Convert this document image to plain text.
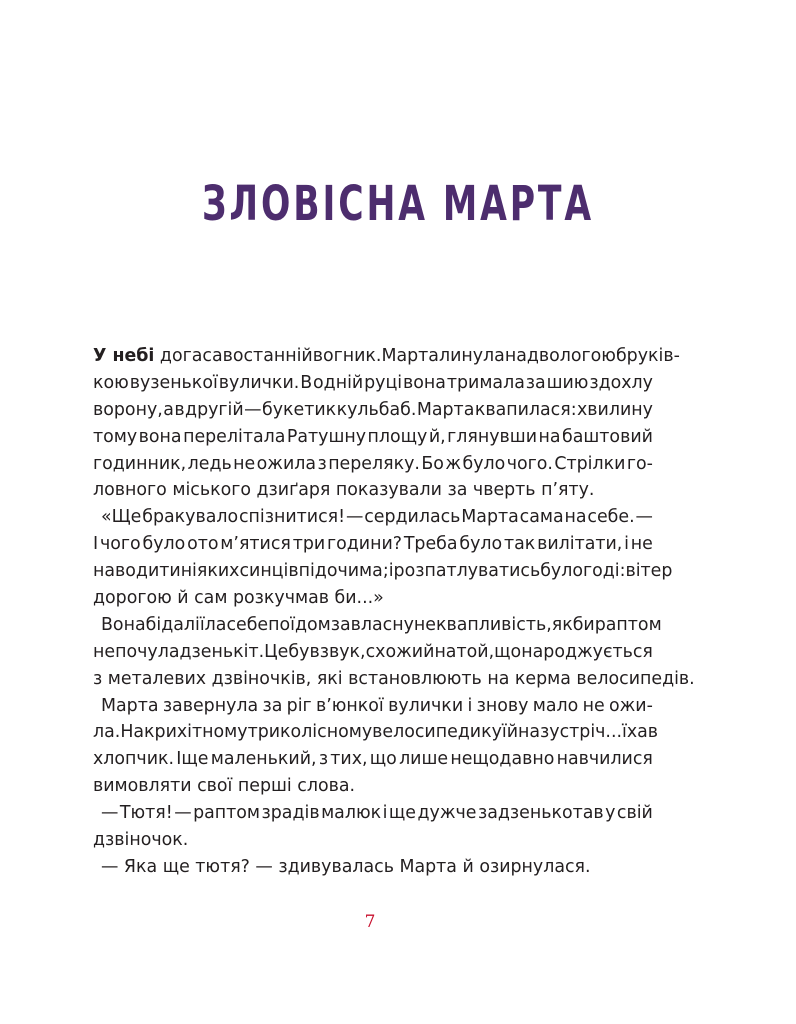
ЗЛОВІСНА МАРТА
У небі догасав останній вогник. Марта линула над вологою бруків-
кою вузенької вулички. В одній руці вона тримала за шию здохлу
ворону, а в другій — букетик кульбаб. Марта квапилася: хвилину
тому вона перелітала Ратушну площу й, глянувши на баштовий
годинник, ледь не ожила з переляку. Бо ж було чого. Стрілки го-
ловного міського дзиґаря показували за чверть п’яту.
«Ще бракувало спізнитися! — сердилась Марта сама на себе. —
І чого було ото м’ятися три години? Треба було так вилітати, і не
наводити ніяких синців під очима; і розпатлуватись було годі: вітер
дорогою й сам розкучмав би...»
Вона б і далі їла себе поїдом за власну неквапливість, якби раптом
не почула дзенькіт. Це був звук, схожий на той, що народжується
з металевих дзвіночків, які встановлюють на керма велосипедів.
Марта завернула за ріг в’юнкої вулички і знову мало не ожи-
ла. На крихітному триколісному велосипедику їй назустріч... їхав
хлопчик. Іще маленький, з тих, що лише нещодавно навчилися
вимовляти свої перші слова.
— Тютя! — раптом зрадів малюк і ще дужче задзенькотав у свій
дзвіночок.
— Яка ще тютя? — здивувалась Марта й озирнулася.
7
